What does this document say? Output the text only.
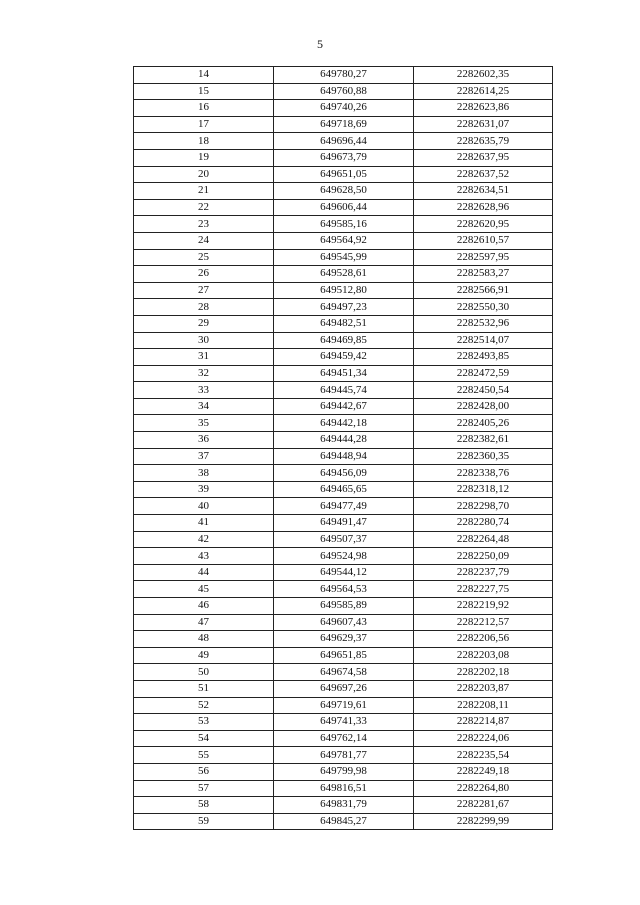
5
14	649780,27	2282602,35
15	649760,88	2282614,25
16	649740,26	2282623,86
17	649718,69	2282631,07
18	649696,44	2282635,79
19	649673,79	2282637,95
20	649651,05	2282637,52
21	649628,50	2282634,51
22	649606,44	2282628,96
23	649585,16	2282620,95
24	649564,92	2282610,57
25	649545,99	2282597,95
26	649528,61	2282583,27
27	649512,80	2282566,91
28	649497,23	2282550,30
29	649482,51	2282532,96
30	649469,85	2282514,07
31	649459,42	2282493,85
32	649451,34	2282472,59
33	649445,74	2282450,54
34	649442,67	2282428,00
35	649442,18	2282405,26
36	649444,28	2282382,61
37	649448,94	2282360,35
38	649456,09	2282338,76
39	649465,65	2282318,12
40	649477,49	2282298,70
41	649491,47	2282280,74
42	649507,37	2282264,48
43	649524,98	2282250,09
44	649544,12	2282237,79
45	649564,53	2282227,75
46	649585,89	2282219,92
47	649607,43	2282212,57
48	649629,37	2282206,56
49	649651,85	2282203,08
50	649674,58	2282202,18
51	649697,26	2282203,87
52	649719,61	2282208,11
53	649741,33	2282214,87
54	649762,14	2282224,06
55	649781,77	2282235,54
56	649799,98	2282249,18
57	649816,51	2282264,80
58	649831,79	2282281,67
59	649845,27	2282299,99
